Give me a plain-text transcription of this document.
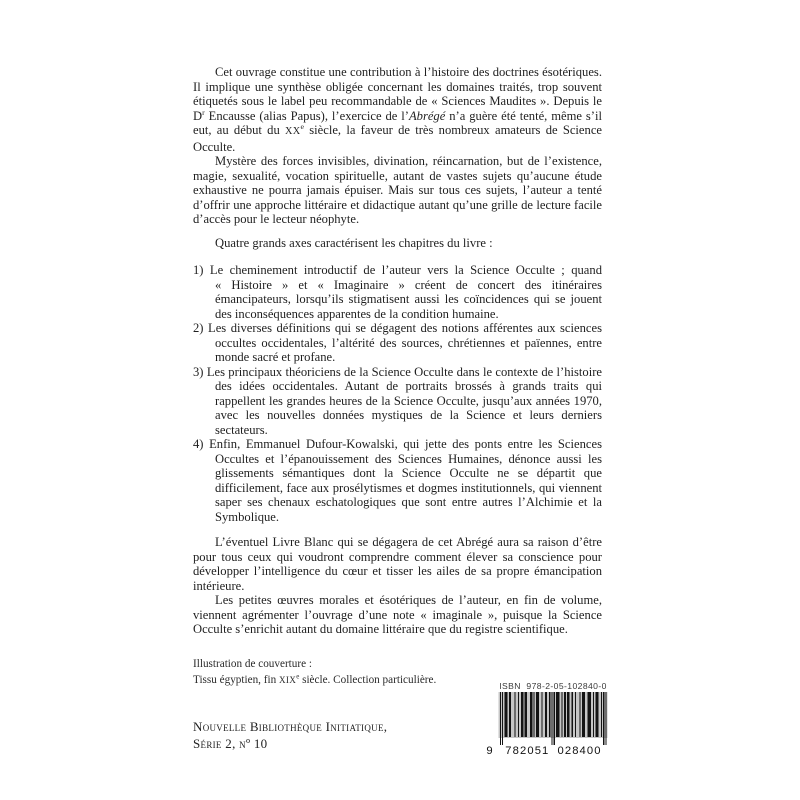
Cet ouvrage constitue une contribution à l’histoire des doctrines ésotériques. Il implique une synthèse obligée concernant les domaines traités, trop souvent étiquetés sous le label peu recommandable de « Sciences Maudites ». Depuis le $D^r$ Encausse (alias Papus), l’exercice de l’Abrégé n’a guère été tenté, même s’il eut, au début du XXe siècle, la faveur de très nombreux amateurs de Science Occulte.
Mystère des forces invisibles, divination, réincarnation, but de l’existence, magie, sexualité, vocation spirituelle, autant de vastes sujets qu’aucune étude exhaustive ne pourra jamais épuiser. Mais sur tous ces sujets, l’auteur a tenté d’offrir une approche littéraire et didactique autant qu’une grille de lecture facile d’accès pour le lecteur néophyte.
Quatre grands axes caractérisent les chapitres du livre :
1) Le cheminement introductif de l’auteur vers la Science Occulte ; quand « Histoire » et « Imaginaire » créent de concert des itinéraires émancipateurs, lorsqu’ils stigmatisent aussi les coïncidences qui se jouent des inconséquences apparentes de la condition humaine.
2) Les diverses définitions qui se dégagent des notions afférentes aux sciences occultes occidentales, l’altérité des sources, chrétiennes et païennes, entre monde sacré et profane.
3) Les principaux théoriciens de la Science Occulte dans le contexte de l’histoire des idées occidentales. Autant de portraits brossés à grands traits qui rappellent les grandes heures de la Science Occulte, jusqu’aux années 1970, avec les nouvelles données mystiques de la Science et leurs derniers sectateurs.
4) Enfin, Emmanuel Dufour-Kowalski, qui jette des ponts entre les Sciences Occultes et l’épanouissement des Sciences Humaines, dénonce aussi les glissements sémantiques dont la Science Occulte ne se départit que difficilement, face aux prosélytismes et dogmes institutionnels, qui viennent saper ses chenaux eschatologiques que sont entre autres l’Alchimie et la Symbolique.
L’éventuel Livre Blanc qui se dégagera de cet Abrégé aura sa raison d’être pour tous ceux qui voudront comprendre comment élever sa conscience pour développer l’intelligence du cœur et tisser les ailes de sa propre émancipation intérieure.
Les petites œuvres morales et ésotériques de l’auteur, en fin de volume, viennent agrémenter l’ouvrage d’une note « imaginale », puisque la Science Occulte s’enrichit autant du domaine littéraire que du registre scientifique.
Illustration de couverture :
Tissu égyptien, fin XIXe siècle. Collection particulière.
ISBN  978-2-05-102840-0
9 782051 028400
Nouvelle Bibliothèque Initiatique,
Série 2, nº 10
